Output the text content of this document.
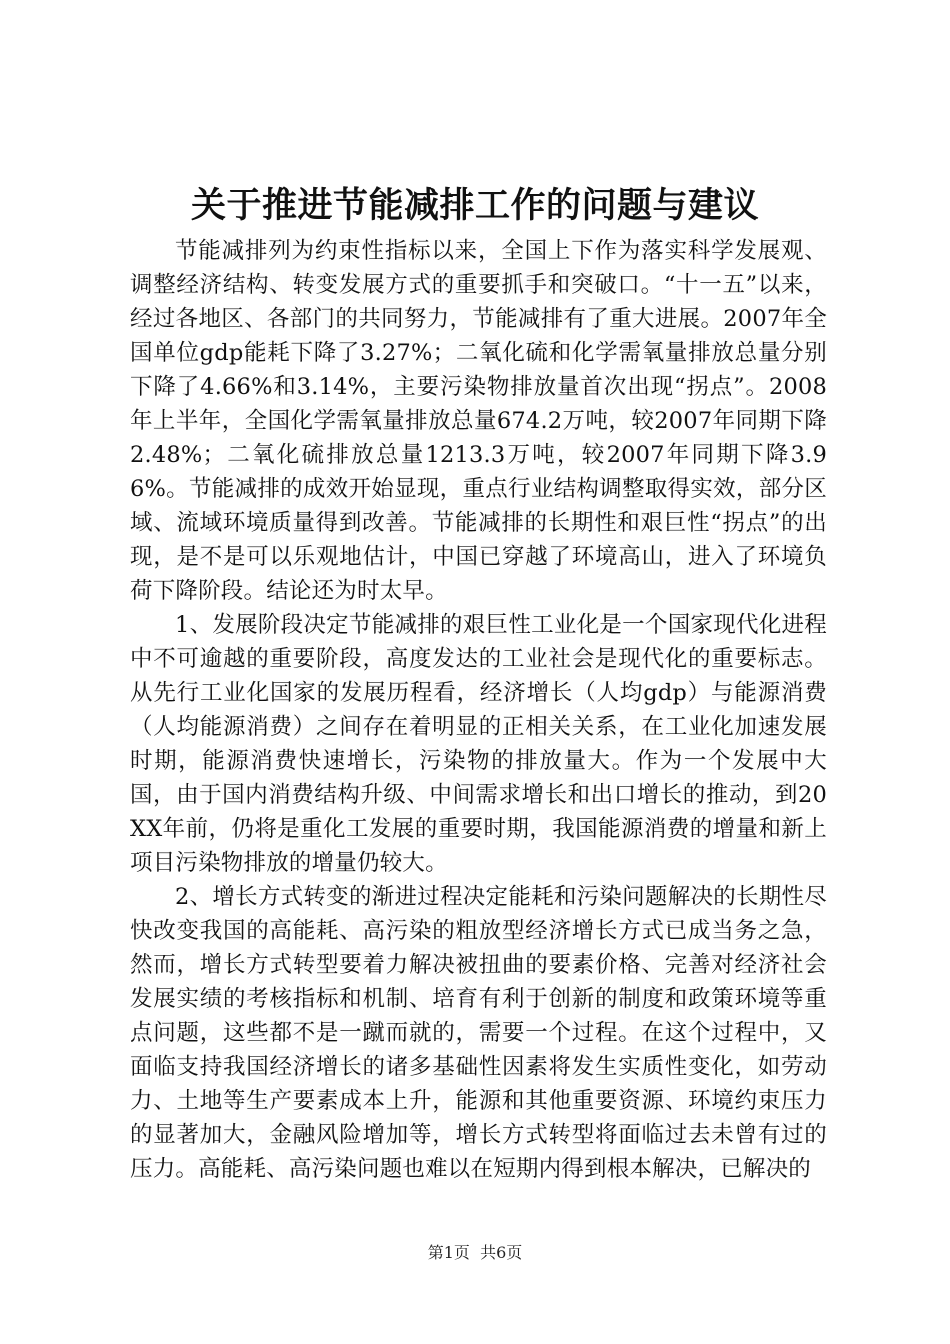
关于推进节能减排工作的问题与建议

节能减排列为约束性指标以来，全国上下作为落实科学发展观、调整经济结构、转变发展方式的重要抓手和突破口。“十一五”以来，经过各地区、各部门的共同努力，节能减排有了重大进展。2007年全国单位gdp能耗下降了3.27%；二氧化硫和化学需氧量排放总量分别下降了4.66%和3.14%，主要污染物排放量首次出现“拐点”。2008年上半年，全国化学需氧量排放总量674.2万吨，较2007年同期下降2.48%；二氧化硫排放总量1213.3万吨，较2007年同期下降3.96%。节能减排的成效开始显现，重点行业结构调整取得实效，部分区域、流域环境质量得到改善。节能减排的长期性和艰巨性“拐点”的出现，是不是可以乐观地估计，中国已穿越了环境高山，进入了环境负荷下降阶段。结论还为时太早。

1、发展阶段决定节能减排的艰巨性工业化是一个国家现代化进程中不可逾越的重要阶段，高度发达的工业社会是现代化的重要标志。从先行工业化国家的发展历程看，经济增长（人均gdp）与能源消费（人均能源消费）之间存在着明显的正相关关系，在工业化加速发展时期，能源消费快速增长，污染物的排放量大。作为一个发展中大国，由于国内消费结构升级、中间需求增长和出口增长的推动，到20XX年前，仍将是重化工发展的重要时期，我国能源消费的增量和新上项目污染物排放的增量仍较大。

2、增长方式转变的渐进过程决定能耗和污染问题解决的长期性尽快改变我国的高能耗、高污染的粗放型经济增长方式已成当务之急，然而，增长方式转型要着力解决被扭曲的要素价格、完善对经济社会发展实绩的考核指标和机制、培育有利于创新的制度和政策环境等重点问题，这些都不是一蹴而就的，需要一个过程。在这个过程中，又面临支持我国经济增长的诸多基础性因素将发生实质性变化，如劳动力、土地等生产要素成本上升，能源和其他重要资源、环境约束压力的显著加大，金融风险增加等，增长方式转型将面临过去未曾有过的压力。高能耗、高污染问题也难以在短期内得到根本解决，已解决的

第1页  共6页
